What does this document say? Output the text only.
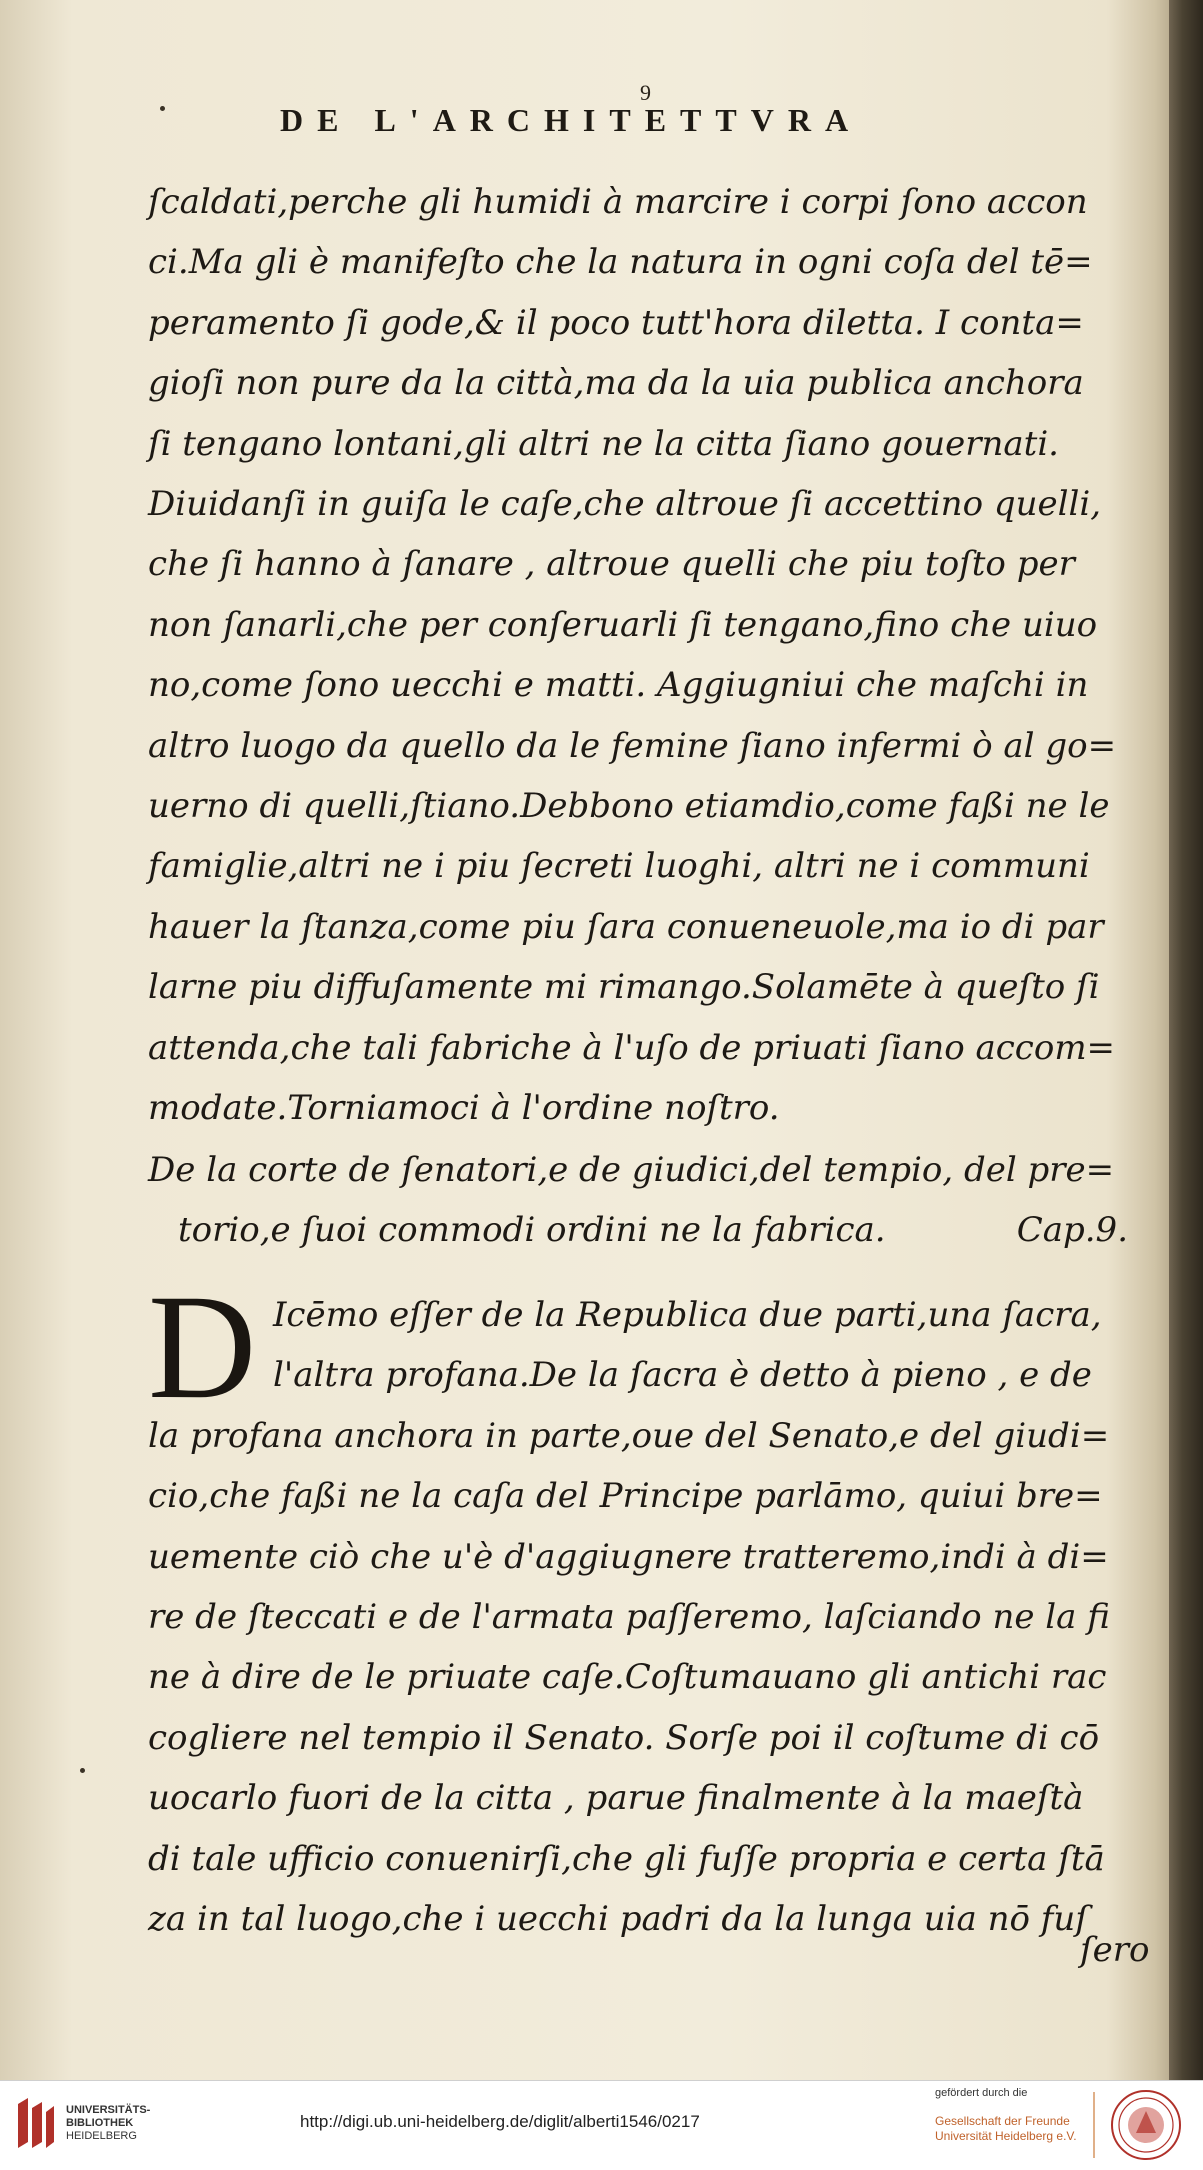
9
DE L'ARCHITETTVRA
ſcaldati,perche gli humidi à marcire i corpi ſono accon
ci.Ma gli è manifeſto che la natura in ogni coſa del tē=
peramento ſi gode,& il poco tutt'hora diletta. I conta=
gioſi non pure da la città,ma da la uia publica anchora
ſi tengano lontani,gli altri ne la citta ſiano gouernati.
Diuidanſi in guiſa le caſe,che altroue ſi accettino quelli,
che ſi hanno à ſanare , altroue quelli che piu toſto per
non ſanarli,che per conſeruarli ſi tengano,fino che uiuo
no,come ſono uecchi e matti. Aggiugniui che maſchi in
altro luogo da quello da le femine ſiano infermi ò al go=
uerno di quelli,ſtiano.Debbono etiamdio,come faßi ne le
famiglie,altri ne i piu ſecreti luoghi, altri ne i communi
hauer la ſtanza,come piu ſara conueneuole,ma io di par
larne piu diffuſamente mi rimango.Solamēte à queſto ſi
attenda,che tali fabriche à l'uſo de priuati ſiano accom=
modate.Torniamoci à l'ordine noſtro.
De la corte de ſenatori,e de giudici,del tempio, del pre=
torio,e ſuoi commodi ordini ne la fabrica.	Cap.9.
D Icēmo eſſer de la Republica due parti,una ſacra,
l'altra profana.De la ſacra è detto à pieno , e de
la profana anchora in parte,oue del Senato,e del giudi=
cio,che faßi ne la caſa del Principe parlāmo, quiui bre=
uemente ciò che u'è d'aggiugnere tratteremo,indi à di=
re de ſteccati e de l'armata paſſeremo, laſciando ne la fi
ne à dire de le priuate caſe.Coſtumauano gli antichi rac
cogliere nel tempio il Senato. Sorſe poi il coſtume di cō
uocarlo fuori de la citta , parue finalmente à la maeſtà
di tale ufficio conuenirſi,che gli fuſſe propria e certa ſtā
za in tal luogo,che i uecchi padri da la lunga uia nō fuſ
ſero
UNIVERSITÄTS-
BIBLIOTHEK
HEIDELBERG
http://digi.ub.uni-heidelberg.de/diglit/alberti1546/0217
gefördert durch die
Gesellschaft der Freunde
Universität Heidelberg e.V.
